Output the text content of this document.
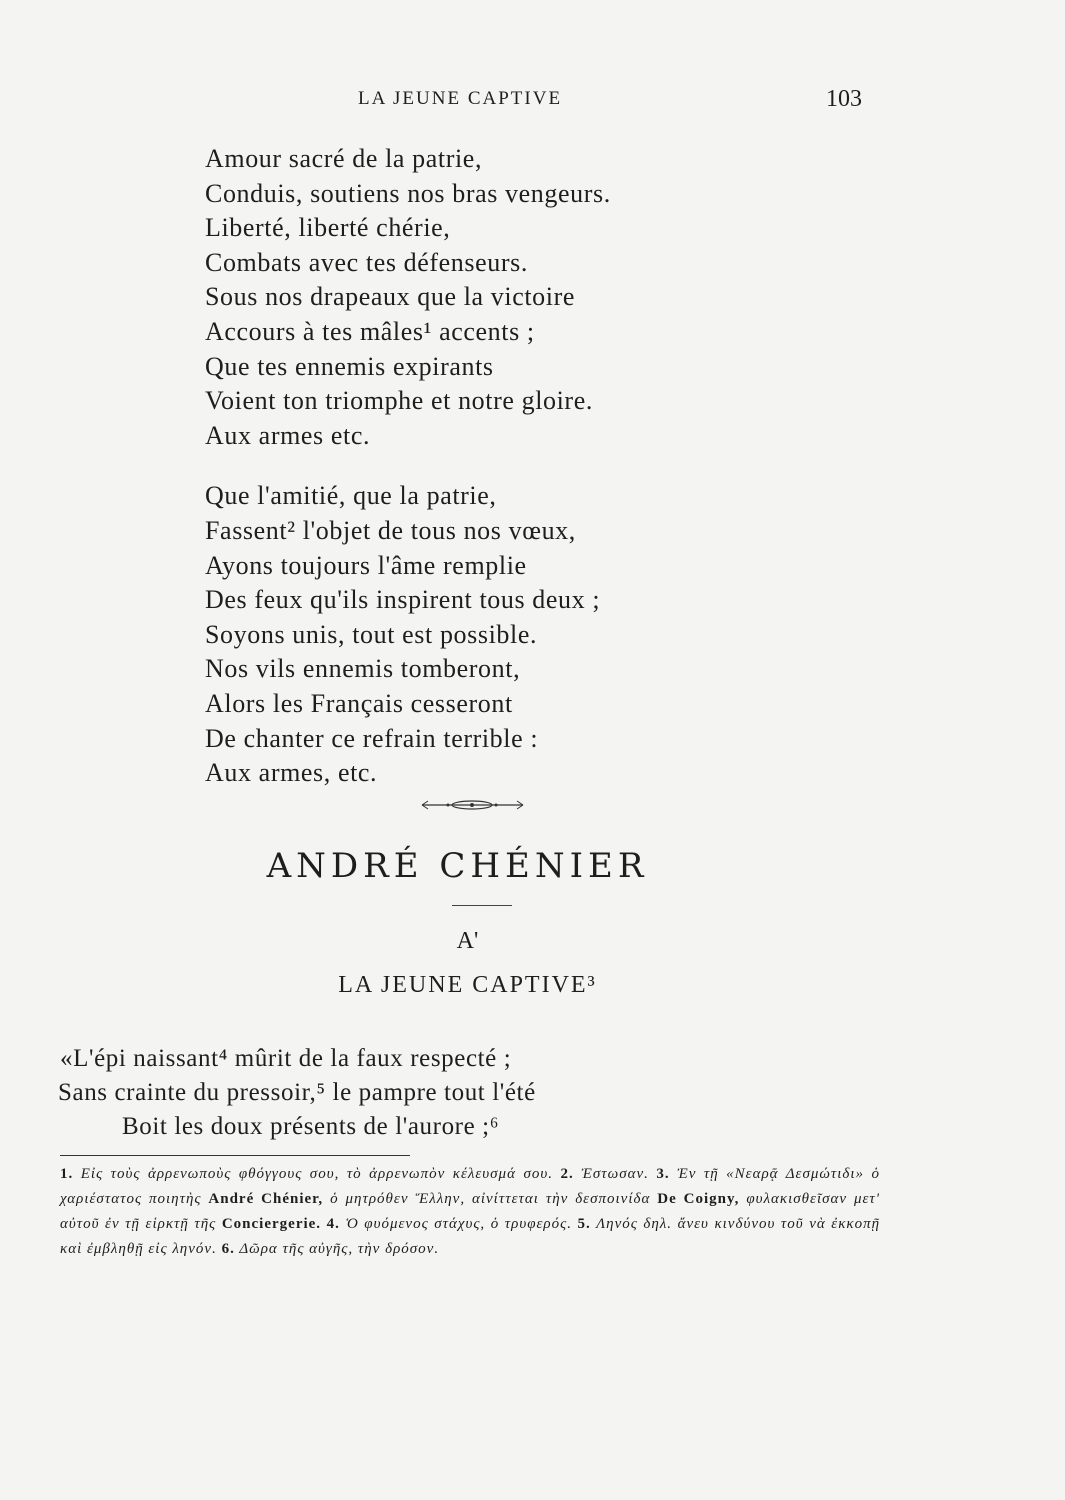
LA JEUNE CAPTIVE	103
Amour sacré de la patrie,
Conduis, soutiens nos bras vengeurs.
Liberté, liberté chérie,
Combats avec tes défenseurs.
Sous nos drapeaux que la victoire
Accours à tes mâles¹ accents ;
Que tes ennemis expirants
Voient ton triomphe et notre gloire.
Aux armes etc.
Que l'amitié, que la patrie,
Fassent² l'objet de tous nos vœux,
Ayons toujours l'âme remplie
Des feux qu'ils inspirent tous deux ;
Soyons unis, tout est possible.
Nos vils ennemis tomberont,
Alors les Français cesseront
De chanter ce refrain terrible :
Aux armes, etc.
ANDRÉ CHÉNIER
A'
LA JEUNE CAPTIVE³
«L'épi naissant⁴ mûrit de la faux respecté ;
Sans crainte du pressoir,⁵ le pampre tout l'été
Boit les doux présents de l'aurore ;⁶
1. Εἰς τοὺς ἀρρενωποὺς φθόγγους σου, τὸ ἀρρενωπὸν κέλευσμά σου. 2. Ἐστωσαν. 3. Ἐν τῇ «Νεαρᾷ Δεσμώτιδι» ὁ χαριέστατος ποιητὴς André Chénier, ὁ μητρόθεν Ἕλλην, αἰνίττεται τὴν δεσποινίδα De Coigny, φυλακισθεῖσαν μετ' αὐτοῦ ἐν τῇ εἱρκτῇ τῆς Conciergerie. 4. Ὁ φυόμενος στάχυς, ὁ τρυφερός. 5. Ληνός δηλ. ἄνευ κινδύνου τοῦ νὰ ἐκκοπῇ καὶ ἐμβληθῇ εἰς ληνόν. 6. Δῶρα τῆς αὐγῆς, τὴν δρόσον.
